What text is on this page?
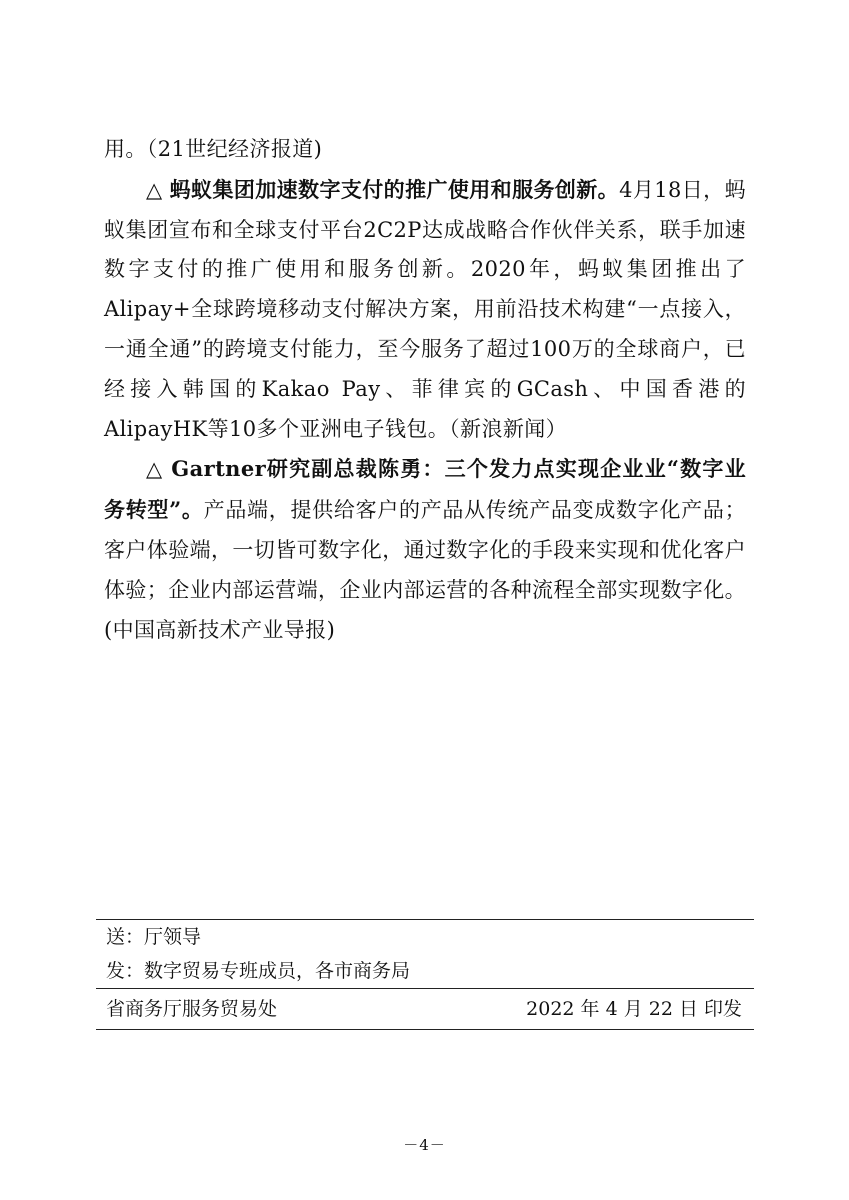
用。（21世纪经济报道)

△ 蚂蚁集团加速数字支付的推广使用和服务创新。4月18日，蚂蚁集团宣布和全球支付平台2C2P达成战略合作伙伴关系，联手加速数字支付的推广使用和服务创新。2020年，蚂蚁集团推出了Alipay+全球跨境移动支付解决方案，用前沿技术构建“一点接入，一通全通”的跨境支付能力，至今服务了超过100万的全球商户，已经接入韩国的Kakao Pay、菲律宾的GCash、中国香港的AlipayHK等10多个亚洲电子钱包。（新浪新闻）

△ Gartner研究副总裁陈勇：三个发力点实现企业业“数字业务转型”。产品端，提供给客户的产品从传统产品变成数字化产品；客户体验端，一切皆可数字化，通过数字化的手段来实现和优化客户体验；企业内部运营端，企业内部运营的各种流程全部实现数字化。(中国高新技术产业导报)

送：厅领导
发：数字贸易专班成员，各市商务局
省商务厅服务贸易处	2022 年 4 月 22 日 印发
－4－
